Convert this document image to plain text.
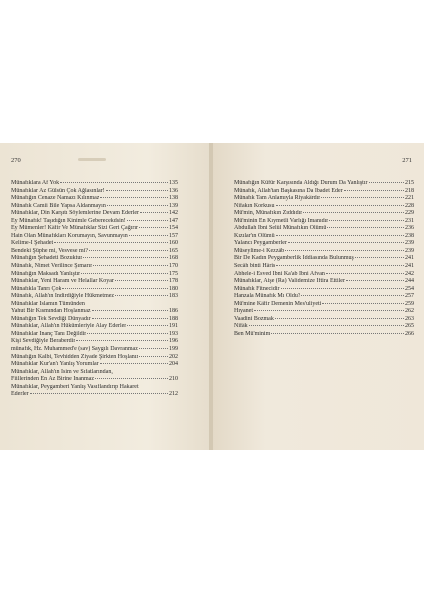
270
Münafıklara Af Yok	135
Münafıklar Az Gülsün Çok Ağlasınlar!	136
Münafığın Cenaze Namazı Kılınmaz	138
Münafık Camii Bile Yapsa Aldanmayın	139
Münafıklar, Din Karşıtı Söylemlerine Devam Ederler	142
Ey Münafık! Taşıdığın Kinimle Geberecekdsin!	147
Ey Mümenler! Kâfir Ve Münafıklar Sizi Geri Çağırır	154
Hain Olan Münafıkları Korumayın, Savunmayın	157
Kelime-İ Şehadet	160
Bendeki Şüphe mi, Vesvese mi?	165
Münafığın Şehadeti Bozuktur	168
Münafık, Nimet Verilince Şımarır	170
Münafığın Maksadı Yanlıştır	175
Münafıklar, Yeni Haram ve Helallar Koyar	178
Münafıkla Tanrı Çok	180
Münafık, Allah'ın İndirdiğiyle Hükmetmez	183
Münafıklar İslamın Tümünden
Yahut Bir Kısmından Hoşlanmaz	186
Münafığın Tek Sevdiği Dünyadır	188
Münafıklar, Allah'ın Hükümleriyle Alay Ederler	191
Münafıklar İnanç Tanı Değildir	193
Kişi Sevdiğiyle Beraberdir	196
münafık, Hz. Muhammed'e (sav) Saygılı Davranmaz	199
Münafığın Kalbi, Tevhidden Ziyade Şirkten Hoşlanır	202
Münafıklar Kur'an'ı Yanlış Yorumlar	204
Münafıklar, Allah'ın İsim ve Sıfatlarından,
Fiillerinden En Az Birine İnanmaz	210
Münafıklar, Peygamberi Yanlış Vasıflandırıp Hakaret
Ederler	212
271
Münafığın Küfür Karşısında Aldığı Durum Da Yanlıştır	215
Münafık, Allah'tan Başkasına Da İbadet Eder	218
Münafık Tam Anlamıyla Riyakârdır	221
Nifakın Korkusu	228
Mü'min, Münafıkın Zıddıdır	229
Mü'minin En Kıymetli Varlığı İmanıdır	231
Abdullah İbni Selûl Münafıkın Ölümü	236
Kızılar'ın Ölümü	238
Yalancı Peygamberler	239
Müseylime-i Kezzâb	239
Bir De Kadın Peygamberlik İddiasında Bulunmuş	241
Secâh binti Hâris	241
Abhele-i Esved İbni Ka'ab İbni Afvan	242
Münafıklar, Aişe (Ra) Validemize İftira Ettiler	244
Münafık Fitnecidir	254
Hanzala Münafık Mı Oldu?	257
Mü'mine Kâfir Demenin Mes'uliyeti	259
Hıyanet	262
Vaadini Bozmak	263
Nifâk	265
Ben Mü'minim	266
